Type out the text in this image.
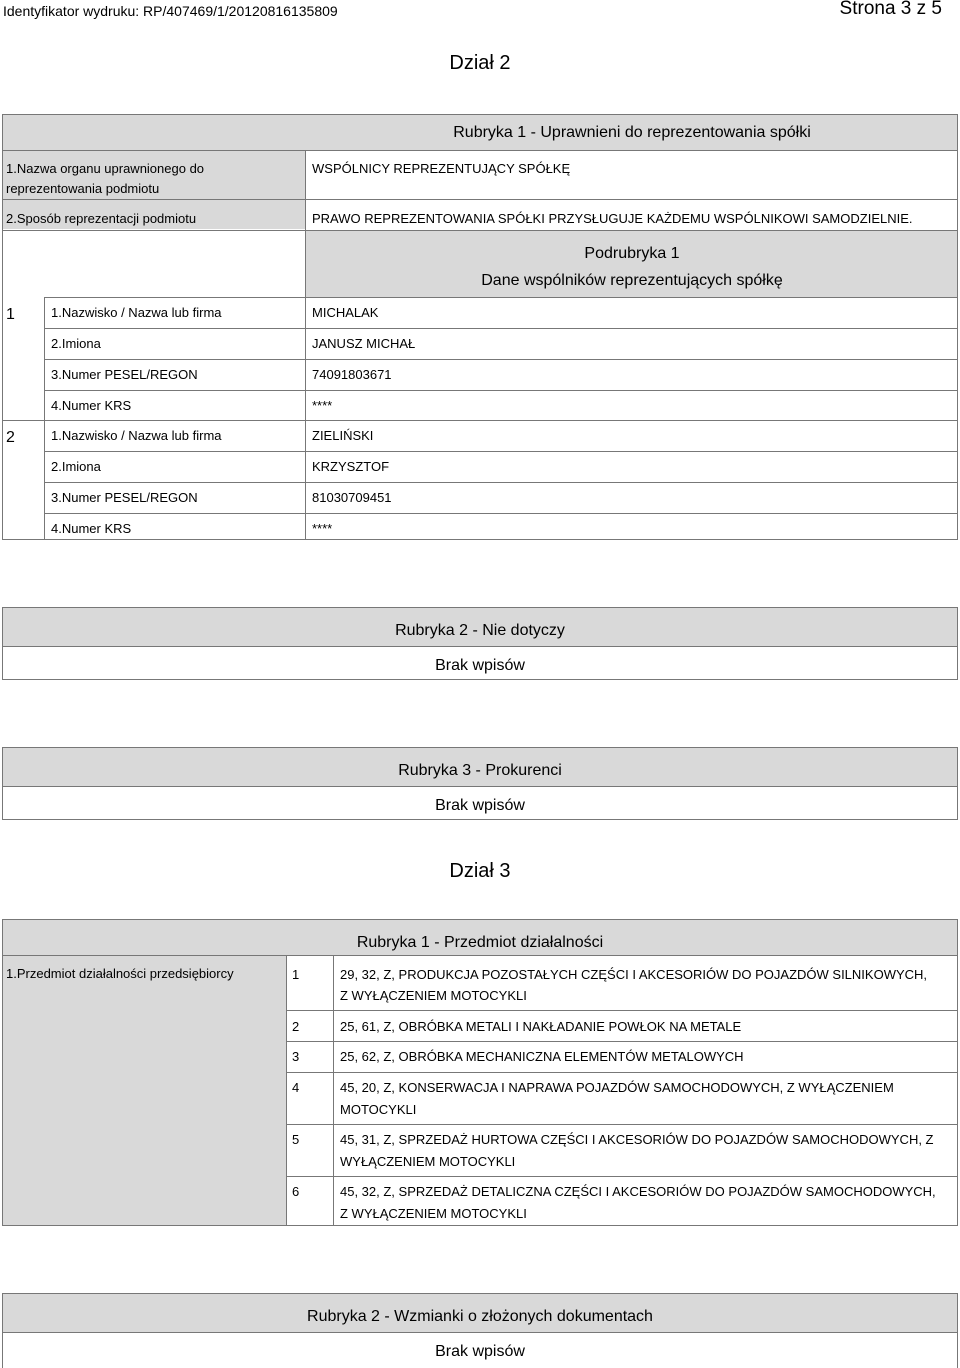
Identyfikator wydruku: RP/407469/1/20120816135809	Strona 3 z 5
Dział 2
Rubryka 1 - Uprawnieni do reprezentowania spółki
1.Nazwa organu uprawnionego do
reprezentowania podmiotu
WSPÓLNICY REPREZENTUJĄCY SPÓŁKĘ
2.Sposób reprezentacji podmiotu	PRAWO REPREZENTOWANIA SPÓŁKI PRZYSŁUGUJE KAŻDEMU WSPÓLNIKOWI SAMODZIELNIE.
Podrubryka 1
Dane wspólników reprezentujących spółkę
1	1.Nazwisko / Nazwa lub firma	MICHALAK
2.Imiona	JANUSZ MICHAŁ
3.Numer PESEL/REGON	74091803671
4.Numer KRS	****
2	1.Nazwisko / Nazwa lub firma	ZIELIŃSKI
2.Imiona	KRZYSZTOF
3.Numer PESEL/REGON	81030709451
4.Numer KRS	****
Rubryka 2 - Nie dotyczy
Brak wpisów
Rubryka 3 - Prokurenci
Brak wpisów
Dział 3
Rubryka 1 - Przedmiot działalności
1.Przedmiot działalności przedsiębiorcy	1	29, 32, Z, PRODUKCJA POZOSTAŁYCH CZĘŚCI I AKCESORIÓW DO POJAZDÓW SILNIKOWYCH,
Z WYŁĄCZENIEM MOTOCYKLI
2	25, 61, Z, OBRÓBKA METALI I NAKŁADANIE POWŁOK NA METALE
3	25, 62, Z, OBRÓBKA MECHANICZNA ELEMENTÓW METALOWYCH
4	45, 20, Z, KONSERWACJA I NAPRAWA POJAZDÓW SAMOCHODOWYCH, Z WYŁĄCZENIEM
MOTOCYKLI
5	45, 31, Z, SPRZEDAŻ HURTOWA CZĘŚCI I AKCESORIÓW DO POJAZDÓW SAMOCHODOWYCH, Z
WYŁĄCZENIEM MOTOCYKLI
6	45, 32, Z, SPRZEDAŻ DETALICZNA CZĘŚCI I AKCESORIÓW DO POJAZDÓW SAMOCHODOWYCH,
Z WYŁĄCZENIEM MOTOCYKLI
Rubryka 2 - Wzmianki o złożonych dokumentach
Brak wpisów
